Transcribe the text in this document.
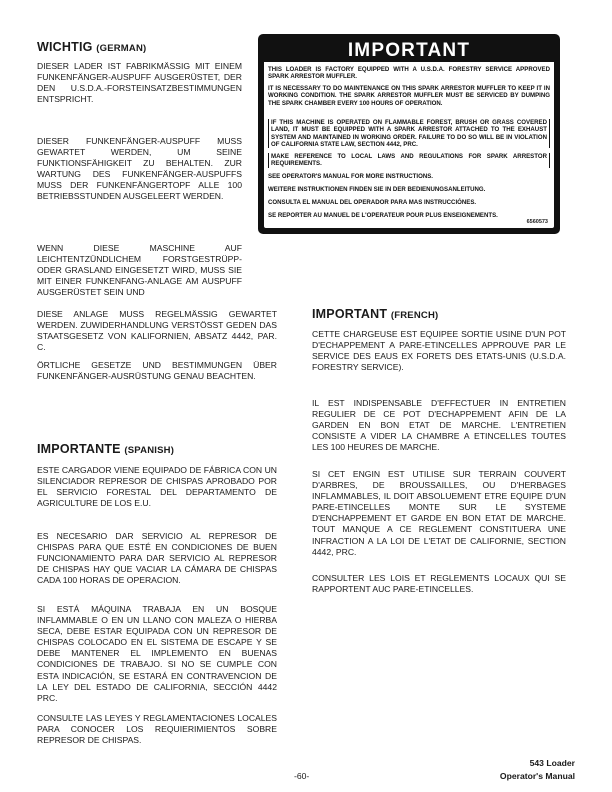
WICHTIG (GERMAN)

DIESER LADER IST FABRIKMÄSSIG MIT EINEM FUNKENFÄNGER-AUSPUFF AUSGERÜSTET, DER DEN U.S.D.A.-FORSTEINSATZBESTIMMUNGEN ENTSPRICHT.

DIESER FUNKENFÄNGER-AUSPUFF MUSS GEWARTET WERDEN, UM SEINE FUNKTIONSFÄHIGKEIT ZU BEHALTEN. ZUR WARTUNG DES FUNKENFÄNGER-AUSPUFFS MUSS DER FUNKENFÄNGERTOPF ALLE 100 BETRIEBSSTUNDEN AUSGELEERT WERDEN.

WENN DIESE MASCHINE AUF LEICHTENTZÜNDLICHEM FORSTGESTRÜPP-ODER GRASLAND EINGESETZT WIRD, MUSS SIE MIT EINER FUNKENFANG-ANLAGE AM AUSPUFF AUSGERÜSTET SEIN UND

DIESE ANLAGE MUSS REGELMÄSSIG GEWARTET WERDEN. ZUWIDERHANDLUNG VERSTÖSST GEDEN DAS STAATSGESETZ VON KALIFORNIEN, ABSATZ 4442, PAR. C.

ÖRTLICHE GESETZE UND BESTIMMUNGEN ÜBER FUNKENFÄNGER-AUSRÜSTUNG GENAU BEACHTEN.

IMPORTANT

THIS LOADER IS FACTORY EQUIPPED WITH A U.S.D.A. FORESTRY SERVICE APPROVED SPARK ARRESTOR MUFFLER.

IT IS NECESSARY TO DO MAINTENANCE ON THIS SPARK ARRESTOR MUFFLER TO KEEP IT IN WORKING CONDITION. THE SPARK ARRESTOR MUFFLER MUST BE SERVICED BY DUMPING THE SPARK CHAMBER EVERY 100 HOURS OF OPERATION.

IF THIS MACHINE IS OPERATED ON FLAMMABLE FOREST, BRUSH OR GRASS COVERED LAND, IT MUST BE EQUIPPED WITH A SPARK ARRESTOR ATTACHED TO THE EXHAUST SYSTEM AND MAINTAINED IN WORKING ORDER. FAILURE TO DO SO WILL BE IN VIOLATION OF CALIFORNIA STATE LAW, SECTION 4442, PRC.

MAKE REFERENCE TO LOCAL LAWS AND REGULATIONS FOR SPARK ARRESTOR REQUIREMENTS.

SEE OPERATOR'S MANUAL FOR MORE INSTRUCTIONS.

WEITERE INSTRUKTIONEN FINDEN SIE IN DER BEDIENUNGSANLEITUNG.

CONSULTA EL MANUAL DEL OPERADOR PARA MAS INSTRUCCIÓNES.

SE REPORTER AU MANUEL DE L'OPERATEUR POUR PLUS ENSEIGNEMENTS.

6560573
IMPORTANT (FRENCH)

CETTE CHARGEUSE EST EQUIPEE SORTIE USINE D'UN POT D'ECHAPPEMENT A PARE-ETINCELLES APPROUVE PAR LE SERVICE DES EAUS EX FORETS DES ETATS-UNIS (U.S.D.A. FORESTRY SERVICE).

IL EST INDISPENSABLE D'EFFECTUER IN ENTRETIEN REGULIER DE CE POT D'ECHAPPEMENT AFIN DE LA GARDEN EN BON ETAT DE MARCHE. L'ENTRETIEN CONSISTE A VIDER LA CHAMBRE A ETINCELLES TOUTES LES 100 HEURES DE MARCHE.

SI CET ENGIN EST UTILISE SUR TERRAIN COUVERT D'ARBRES, DE BROUSSAILLES, OU D'HERBAGES INFLAMMABLES, IL DOIT ABSOLUEMENT ETRE EQUIPE D'UN PARE-ETINCELLES MONTE SUR LE SYSTEME D'ENCHAPPEMENT ET GARDE EN BON ETAT DE MARCHE. TOUT MANQUE A CE REGLEMENT CONSTITUERA UNE INFRACTION A LA LOI DE L'ETAT DE CALIFORNIE, SECTION 4442, PRC.

CONSULTER LES LOIS ET REGLEMENTS LOCAUX QUI SE RAPPORTENT AUC PARE-ETINCELLES.

IMPORTANTE (SPANISH)

ESTE CARGADOR VIENE EQUIPADO DE FÁBRICA CON UN SILENCIADOR REPRESOR DE CHISPAS APROBADO POR EL SERVICIO FORESTAL DEL DEPARTAMENTO DE AGRICULTURE DE LOS E.U.

ES NECESARIO DAR SERVICIO AL REPRESOR DE CHISPAS PARA QUE ESTÉ EN CONDICIONES DE BUEN FUNCIONAMIENTO PARA DAR SERVICIO AL REPRESOR DE CHISPAS HAY QUE VACIAR LA CÁMARA DE CHISPAS CADA 100 HORAS DE OPERACION.

SI ESTÁ MÁQUINA TRABAJA EN UN BOSQUE INFLAMMABLE O EN UN LLANO CON MALEZA O HIERBA SECA, DEBE ESTAR EQUIPADA CON UN REPRESOR DE CHISPAS COLOCADO EN EL SISTEMA DE ESCAPE Y SE DEBE MANTENER EL IMPLEMENTO EN BUENAS CONDICIONES DE TRABAJO. SI NO SE CUMPLE CON ESTA INDICACIÓN, SE ESTARÁ EN CONTRAVENCION DE LA LEY DEL ESTADO DE CALIFORNIA, SECCIÓN 4442 PRC.

CONSULTE LAS LEYES Y REGLAMENTACIONES LOCALES PARA CONOCER LOS REQUIERIMIENTOS SOBRE REPRESOR DE CHISPAS.

-60-
543 Loader
Operator's Manual
